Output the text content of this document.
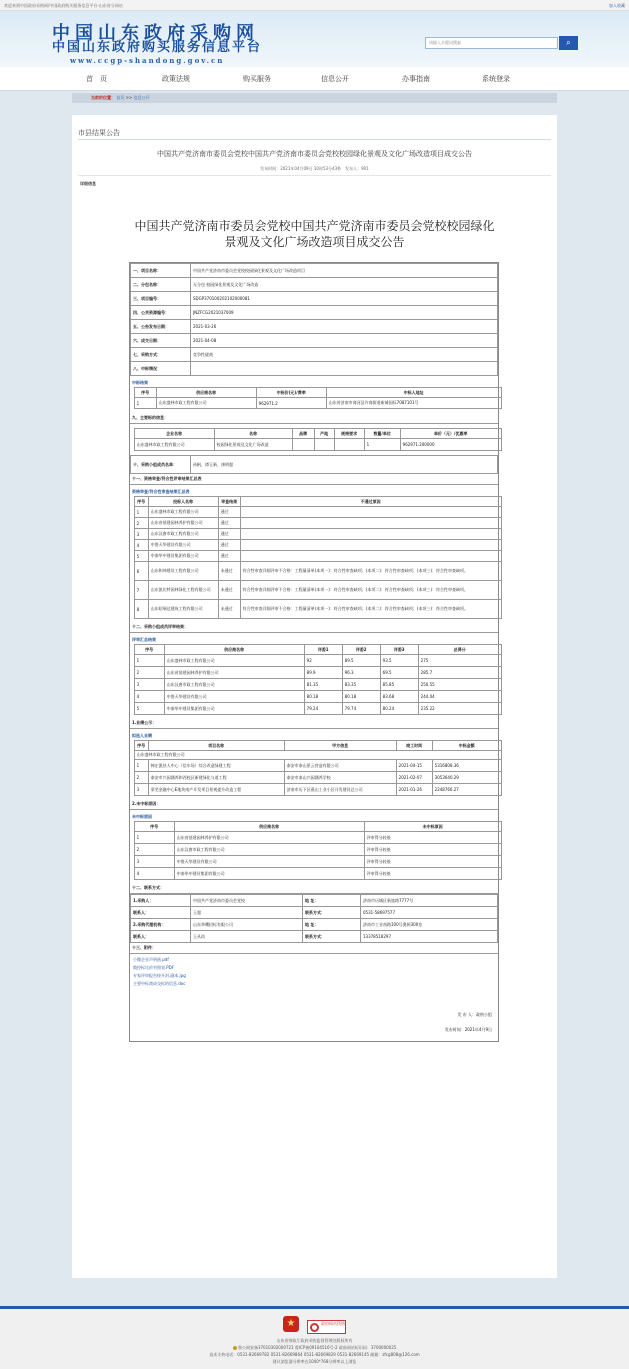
欢迎来到中国政府采购网/中国政府购买服务信息平台-山东省分网站	加入收藏
中国山东政府采购网
中国山东政府购买服务信息平台
www.ccgp-shandong.gov.cn
请输入关键词搜索	⌕
首　页	政策法规	购买服务	信息公开	办事指南	系统登录
当前的位置： 首页 >> 信息公开
市县结果公告
中国共产党济南市委员会党校中国共产党济南市委员会党校校园绿化景观及文化广场改造项目成交公告
发布时间：2021年04月09日 10时53分43秒　发布人：901
详细信息
中国共产党济南市委员会党校中国共产党济南市委员会党校校园绿化景观及文化广场改造项目成交公告
一、项目名称：	中国共产党济南市委员会党校校园绿化景观及文化广场改造项目
二、分包名称：	无分包 校园绿化景观及文化广场改造
三、项目编号：	SDGP370100202102000081
四、公共资源编号：	JNZFCG2021037009
五、公告发布日期：	2021-03-26
六、成交日期：	2021-04-08
七、采购方式：	竞争性磋商
八、中标情况：	
中标结果
序号	供应商名称	中标价(元)/费率	中标人地址
1	山东盛林市政工程有限公司	962971.2	山东省济南市商河县许商街道新城国际7087101号
九、主要标的信息：
企业名称	名称	品牌	产地	规格要求	数量/单位	单价（元）/优惠率
山东盛林市政工程有限公司	校园绿化景观及文化广场改造				1	962971.200000
十、采购小组成员名单：	孙帆、谭玉新、康明超
十一、资格审查/符合性评审结果汇总表
资格审查/符合性审查结果汇总表
序号	投标人名称	审查结果	不通过原因
1	山东盛林市政工程有限公司	通过	
2	山东省基建园林养护有限公司	通过	
3	山东汉唐市政工程有限公司	通过	
4	中鲁天华建设有限公司	通过	
5	中泰华中建设集团有限公司	通过	
6	山东和坤建设工程有限公司	未通过	符合性审查详细评审不合格：工程量清单(本项一)：符合性审查缺项；(本项二)：符合性审查缺项；(本项三)：符合性审查缺项。
7	山东凯比特园林绿化工程有限公司	未通过	符合性审查详细评审不合格：工程量清单(本项一)：符合性审查缺项；(本项二)：符合性审查缺项；(本项三)：符合性审查缺项。
8	山东昭瑞达建筑工程有限公司	未通过	符合性审查详细评审不合格：工程量清单(本项一)：符合性审查缺项；(本项二)：符合性审查缺项；(本项三)：符合性审查缺项。
十二、采购小组成员评审结果：
评审汇总结果
序号	供应商名称	评委1	评委2	评委3	总得分
1	山东盛林市政工程有限公司	92	89.5	93.5	275
2	山东省基建园林养护有限公司	89.9	96.3	69.5	285.7
3	山东汉唐市政工程有限公司	81.35	83.35	85.85	250.55
4	中鲁天华建设有限公司	80.18	80.18	83.68	244.04
5	中泰华中建设集团有限公司	79.24	79.74	80.24	235.22
1.业绩公示：
拟选人业绩
序号	项目名称	甲方信息	竣工时间	中标金额
山东盛林市政工程有限公司				
1	韩庄派驻人中心（信车场）综合改造绿建工程	泰安市泰山景云营造有限公司	2021-04-15	5316808.36
2	泰安市兴园涵养和西校区新建绿化与道工程	泰安市泰山兴园涵养学校	2021-02-07	3053640.29
3	莱芜金融中心E地块南产开发项目景观提升改造工程	济南市历下区燕山工业小区开发建设总公司	2021-01-26	2248766.27
2.未中标原因：
未中标原因
序号	供应商名称	未中标原因
1	山东省基建园林养护有限公司	评审得分较低
2	山东汉唐市政工程有限公司	评审得分较低
3	中鲁天华建设有限公司	评审得分较低
4	中泰华中建设集团有限公司	评审得分较低
十二、联系方式：
1.采购人：	中国共产党济南市委员会党校	地 址：	济南市历城区新旅路7777号
联系人：	王超	联系方式：	0531-58697577
2.采购代理机构：	山东华曙招标有限公司	地 址：	济南市工业南路100号奥顿300室
联系人：	王从瑄	联系方式：	13378518297
十三、附件：
小微企业声明函.pdf
数控标比价对照表.PDF
专家评审报告按开封.副本.jpg
主要中标商成交标的信息.doc
发 布 人：政购小组
发布时间：2021年4月9日
★	政府网站找错
山东省财政厅政府采购监督管理处版权所有
鲁公网安备37010302000721 鲁ICP备09104516号-2 政府网站标识码：3700000025
技术支持电话：0531-82669782 0531-82669864 0531-82669829 0531-82669145 邮箱：zfcg808@126.com
建议浏览器分辨率在1040*768分辨率以上浏览
